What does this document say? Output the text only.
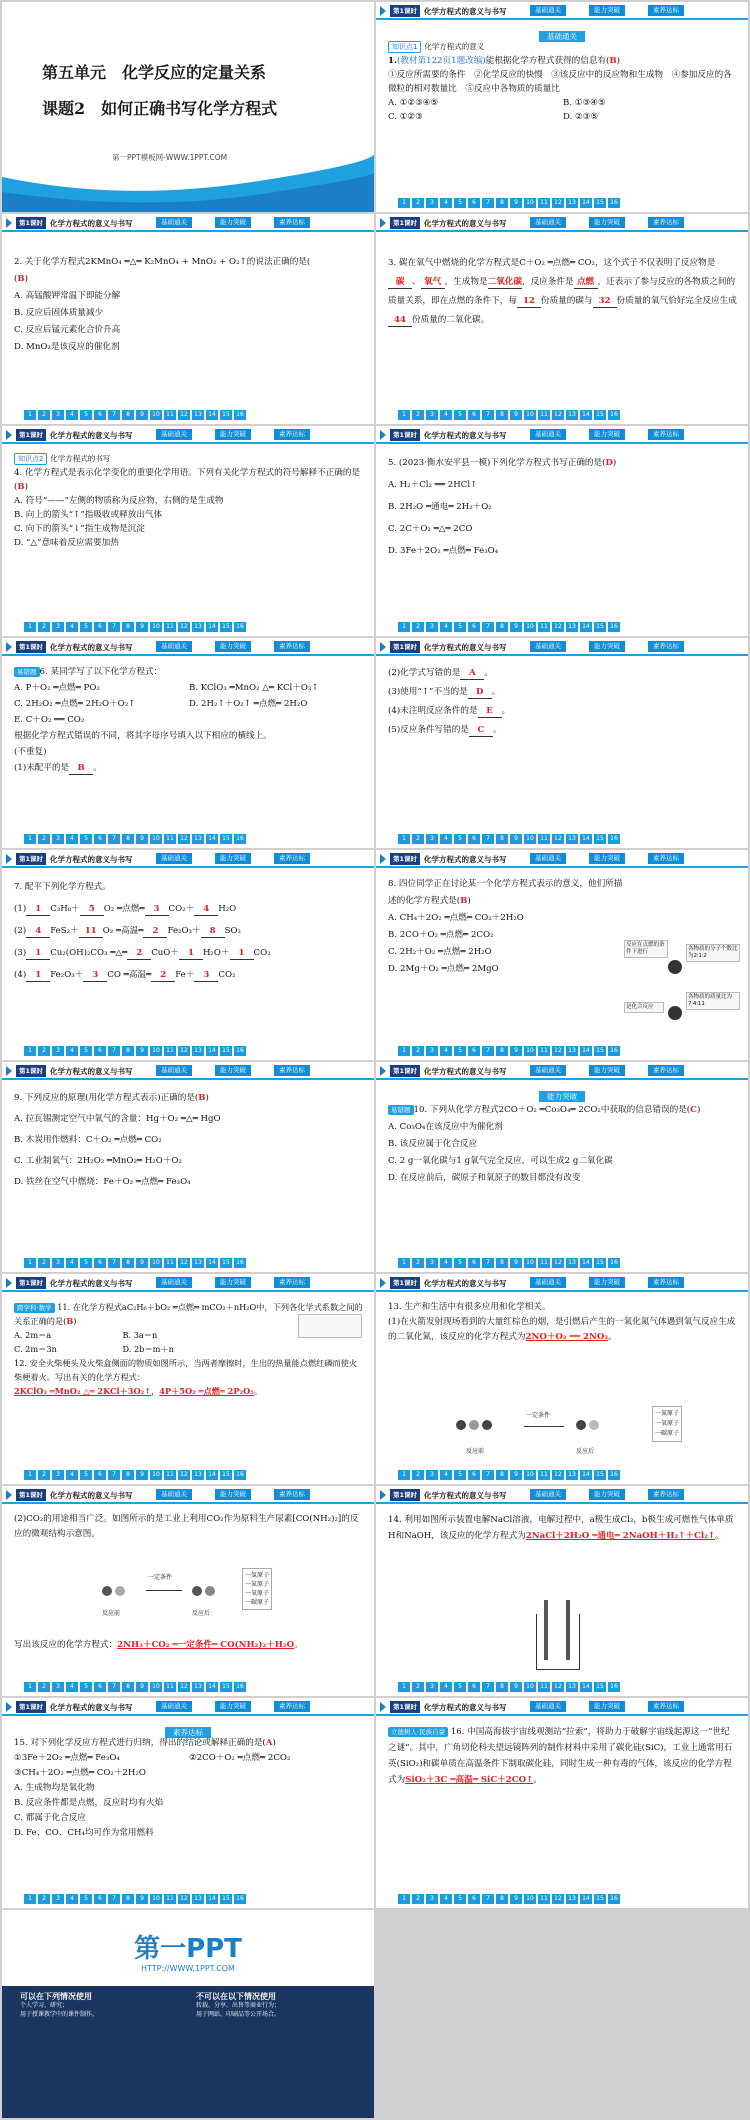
第五单元　化学反应的定量关系
课题2　如何正确书写化学方程式
第一PPT模板网-WWW.1PPT.COM
第1课时 化学方程式的意义与书写	基础通关	能力突破	素养达标
基础通关

知识点1 化学方程式的意义

1.(教材第122页1题改编)能根据化学方程式获得的信息有(B)

①反应所需要的条件　②化学反应的快慢　③该反应中的反应物和生成物　④参加反应的各微粒的相对数量比　⑤反应中各物质的质量比

A. ①②③④⑤	B. ①③④⑤
C. ①②③	D. ②③⑤
1	2	3	4	5	6	7	8	9	10	11	12	13	14	15	16
第1课时 化学方程式的意义与书写	基础通关	能力突破	素养达标

2. 关于化学方程式2KMnO₄ ═△═ K₂MnO₄ + MnO₂ + O₂↑的说法正确的是(

(B)

A. 高锰酸钾常温下即能分解

B. 反应后固体质量减少

C. 反应后锰元素化合价升高

D. MnO₂是该反应的催化剂

1	2	3	4	5	6	7	8	9	10	11	12	13	14	15	16
第1课时 化学方程式的意义与书写	基础通关	能力突破	素养达标

3. 碳在氧气中燃烧的化学方程式是C＋O₂ ═点燃═ CO₂，这个式子不仅表明了反应物是碳 、 氧气 ，生成物是二氧化碳，反应条件是 点燃 ，还表示了参与反应的各物质之间的质量关系，即在点燃的条件下，每 12 份质量的碳与 32 份质量的氧气恰好完全反应生成44 份质量的二氧化碳。

1	2	3	4	5	6	7	8	9	10	11	12	13	14	15	16
第1课时 化学方程式的意义与书写	基础通关	能力突破	素养达标

知识点2 化学方程式的书写

4. 化学方程式是表示化学变化的重要化学用语。下列有关化学方程式的符号解释不正确的是(B)

A. 符号“——”左侧的物质称为反应物，右侧的是生成物

B. 向上的箭头“↑”指吸收或释放出气体

C. 向下的箭头“↓”指生成物是沉淀

D. “△”意味着反应需要加热

1	2	3	4	5	6	7	8	9	10	11	12	13	14	15	16
第1课时 化学方程式的意义与书写	基础通关	能力突破	素养达标

5. (2023·衡水安平县一模)下列化学方程式书写正确的是(D)

A. H₂＋Cl₂ ══ 2HCl↑

B. 2H₂O ═通电═ 2H₂＋O₂

C. 2C＋O₂ ═△═ 2CO

D. 3Fe＋2O₂ ═点燃═ Fe₃O₄

1	2	3	4	5	6	7	8	9	10	11	12	13	14	15	16
第1课时 化学方程式的意义与书写	基础通关	能力突破	素养达标

易错题 6. 某同学写了以下化学方程式：

A. P＋O₂ ═点燃═ PO₂	B. KClO₃ ═MnO₂ △═ KCl＋O₃↑
C. 2H₂O₂ ═点燃═ 2H₂O＋O₂↑	D. 2H₂↑＋O₂↑ ═点燃═ 2H₂O

E. C＋O₂ ══ CO₂

根据化学方程式错误的不同，将其字母序号填入以下相应的横线上。

(不重复)

(1)未配平的是 B 。

1	2	3	4	5	6	7	8	9	10	11	12	13	14	15	16
第1课时 化学方程式的意义与书写	基础通关	能力突破	素养达标

(2)化学式写错的是 A 。

(3)使用“↑”不当的是 D 。

(4)未注明反应条件的是 E 。

(5)反应条件写错的是 C 。

1	2	3	4	5	6	7	8	9	10	11	12	13	14	15	16
第1课时 化学方程式的意义与书写	基础通关	能力突破	素养达标

7. 配平下列化学方程式。

(1) 1 C₃H₈＋ 5 O₂ ═点燃═ 3 CO₂＋ 4 H₂O

(2) 4 FeS₂＋ 11 O₂ ═高温═ 2 Fe₂O₃＋ 8 SO₂

(3) 1 Cu₂(OH)₂CO₃ ═△═ 2 CuO＋ 1 H₂O＋ 1 CO₂

(4) 1 Fe₂O₃＋ 3 CO ═高温═ 2 Fe＋ 3 CO₂

1	2	3	4	5	6	7	8	9	10	11	12	13	14	15	16
第1课时 化学方程式的意义与书写	基础通关	能力突破	素养达标

8. 四位同学正在讨论某一个化学方程式表示的意义，他们所描述的化学方程式是(B)

A. CH₄＋2O₂ ═点燃═ CO₂＋2H₂O

B. 2CO＋O₂ ═点燃═ 2CO₂

C. 2H₂＋O₂ ═点燃═ 2H₂O

D. 2Mg＋O₂ ═点燃═ 2MgO

反应在点燃的条件下进行	各物质的分子个数比为2∶1∶2
是化合反应
各物质的质量比为7∶4∶11
1	2	3	4	5	6	7	8	9	10	11	12	13	14	15	16
第1课时 化学方程式的意义与书写	基础通关	能力突破	素养达标

9. 下列反应的原理(用化学方程式表示)正确的是(B)

A. 拉瓦锡测定空气中氧气的含量：Hg＋O₂ ═△═ HgO

B. 木炭用作燃料：C＋O₂ ═点燃═ CO₂

C. 工业制氧气：2H₂O₂ ═MnO₂═ H₂O＋O₂

D. 铁丝在空气中燃烧：Fe＋O₂ ═点燃═ Fe₃O₄

1	2	3	4	5	6	7	8	9	10	11	12	13	14	15	16
第1课时 化学方程式的意义与书写	基础通关	能力突破	素养达标
能力突破

易错题 10. 下列从化学方程式2CO＋O₂ ═Co₃O₄═ 2CO₂中获取的信息错误的是(C)

A. Co₃O₄在该反应中为催化剂

B. 该反应属于化合反应

C. 2 g一氧化碳与1 g氧气完全反应，可以生成2 g二氧化碳

D. 在反应前后，碳原子和氧原子的数目都没有改变

1	2	3	4	5	6	7	8	9	10	11	12	13	14	15	16
第1课时 化学方程式的意义与书写	基础通关	能力突破	素养达标

跨学科·数学 11. 在化学方程式aC₂H₆＋bO₂ ═点燃═ mCO₂＋nH₂O中，下列各化学式系数之间的关系正确的是(B)

A. 2m＝a	B. 3a＝n
C. 2m＝3n	D. 2b＝m＋n

12. 安全火柴梗头及火柴盒侧面的物质如图所示，当两者摩擦时，生出的热量能点燃红磷而使火柴梗着火。写出有关的化学方程式：

2KClO₃ ═MnO₂ △═ 2KCl＋3O₂↑，4P＋5O₂ ═点燃═ 2P₂O₅。

1	2	3	4	5	6	7	8	9	10	11	12	13	14	15	16
第1课时 化学方程式的意义与书写	基础通关	能力突破	素养达标

13. 生产和生活中有很多应用和化学相关。

(1)在火箭发射现场看到的大量红棕色的烟，是引燃后产生的一氧化氮气体遇到氧气反应生成的二氧化氮，该反应的化学方程式为2NO＋O₂ ══ 2NO₂。

一定条件
反应前	反应后
一氮原子
一氧原子
一碳原子
1	2	3	4	5	6	7	8	9	10	11	12	13	14	15	16
第1课时 化学方程式的意义与书写	基础通关	能力突破	素养达标

(2)CO₂的用途相当广泛。如图所示的是工业上利用CO₂作为原料生产尿素[CO(NH₂)₂]的反应的微观结构示意图。

一定条件
反应前	反应后
一氢原子
一氮原子
一氧原子
一碳原子

写出该反应的化学方程式：2NH₃＋CO₂ ═一定条件═ CO(NH₂)₂＋H₂O。

1	2	3	4	5	6	7	8	9	10	11	12	13	14	15	16
第1课时 化学方程式的意义与书写	基础通关	能力突破	素养达标

14. 利用如图所示装置电解NaCl溶液，电解过程中，a极生成Cl₂，b极生成可燃性气体单质H和NaOH，该反应的化学方程式为2NaCl＋2H₂O ═通电═ 2NaOH＋H₂↑＋Cl₂↑。

1	2	3	4	5	6	7	8	9	10	11	12	13	14	15	16
第1课时 化学方程式的意义与书写	基础通关	能力突破	素养达标
素养达标

15. 对下列化学反应方程式进行归纳，得出的结论或解释正确的是(A)

①3Fe＋2O₂ ═点燃═ Fe₃O₄	②2CO＋O₂ ═点燃═ 2CO₂

③CH₄＋2O₂ ═点燃═ CO₂＋2H₂O

A. 生成物均是氧化物

B. 反应条件都是点燃，反应时均有火焰

C. 都属于化合反应

D. Fe、CO、CH₄均可作为常用燃料

1	2	3	4	5	6	7	8	9	10	11	12	13	14	15	16
第1课时 化学方程式的意义与书写	基础通关	能力突破	素养达标

立德树人·民族自豪 16. 中国高海拔宇宙线观测站“拉索”，将助力于破解宇宙线起源这一“世纪之谜”。其中，广角切伦科夫望远镜阵列的制作材料中采用了碳化硅(SiC)，工业上通常用石英(SiO₂)和碳单质在高温条件下制取碳化硅，同时生成一种有毒的气体，该反应的化学方程式为SiO₂＋3C ═高温═ SiC＋2CO↑。

1	2	3	4	5	6	7	8	9	10	11	12	13	14	15	16
第一PPT
HTTP://WWW.1PPT.COM
可以在下列情况使用
个人学习、研究；
用于授课教学中的课件制作。
不可以在以下情况使用
转载、分享、出售等商业行为；
用于网站、印刷品等公开场合。
